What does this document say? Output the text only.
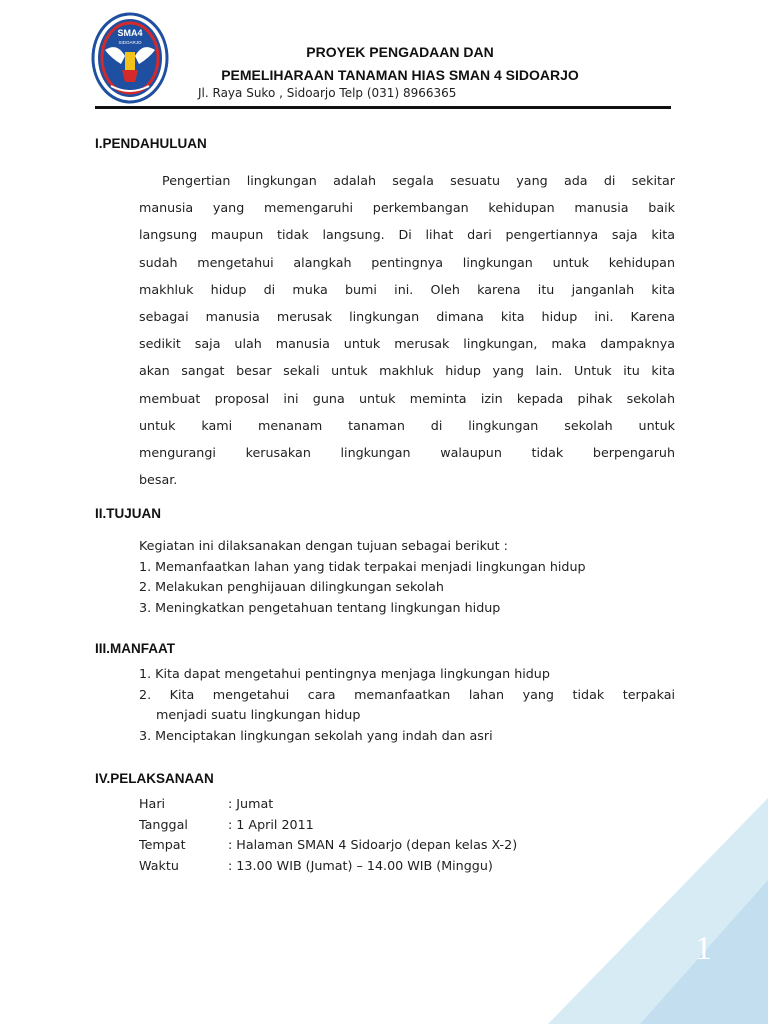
SMA4
SIDOARJO
PROYEK PENGADAAN DAN
PEMELIHARAAN TANAMAN HIAS SMAN 4 SIDOARJO
Jl. Raya Suko , Sidoarjo Telp (031) 8966365
I.PENDAHULUAN
Pengertian lingkungan adalah segala sesuatu yang ada di sekitar
manusia yang memengaruhi perkembangan kehidupan manusia baik
langsung maupun tidak langsung. Di lihat dari pengertiannya saja kita
sudah mengetahui alangkah pentingnya lingkungan untuk kehidupan
makhluk hidup di muka bumi ini. Oleh karena itu janganlah kita
sebagai manusia merusak lingkungan dimana kita hidup ini. Karena
sedikit saja ulah manusia untuk merusak lingkungan, maka dampaknya
akan sangat besar sekali untuk makhluk hidup yang lain. Untuk itu kita
membuat proposal ini guna untuk meminta izin kepada pihak sekolah
untuk kami menanam tanaman di lingkungan sekolah untuk
mengurangi kerusakan lingkungan walaupun tidak berpengaruh
besar.
II.TUJUAN
Kegiatan ini dilaksanakan dengan tujuan sebagai berikut :
1. Memanfaatkan lahan yang tidak terpakai menjadi lingkungan hidup
2. Melakukan penghijauan dilingkungan sekolah
3. Meningkatkan pengetahuan tentang lingkungan hidup
III.MANFAAT
1. Kita dapat mengetahui pentingnya menjaga lingkungan hidup
2. Kita mengetahui cara memanfaatkan lahan yang tidak terpakai
menjadi suatu lingkungan hidup
3. Menciptakan lingkungan sekolah yang indah dan asri
IV.PELAKSANAAN
Hari	: Jumat
Tanggal	: 1 April 2011
Tempat	: Halaman SMAN 4 Sidoarjo (depan kelas X-2)
Waktu	: 13.00 WIB (Jumat) – 14.00 WIB (Minggu)
1
